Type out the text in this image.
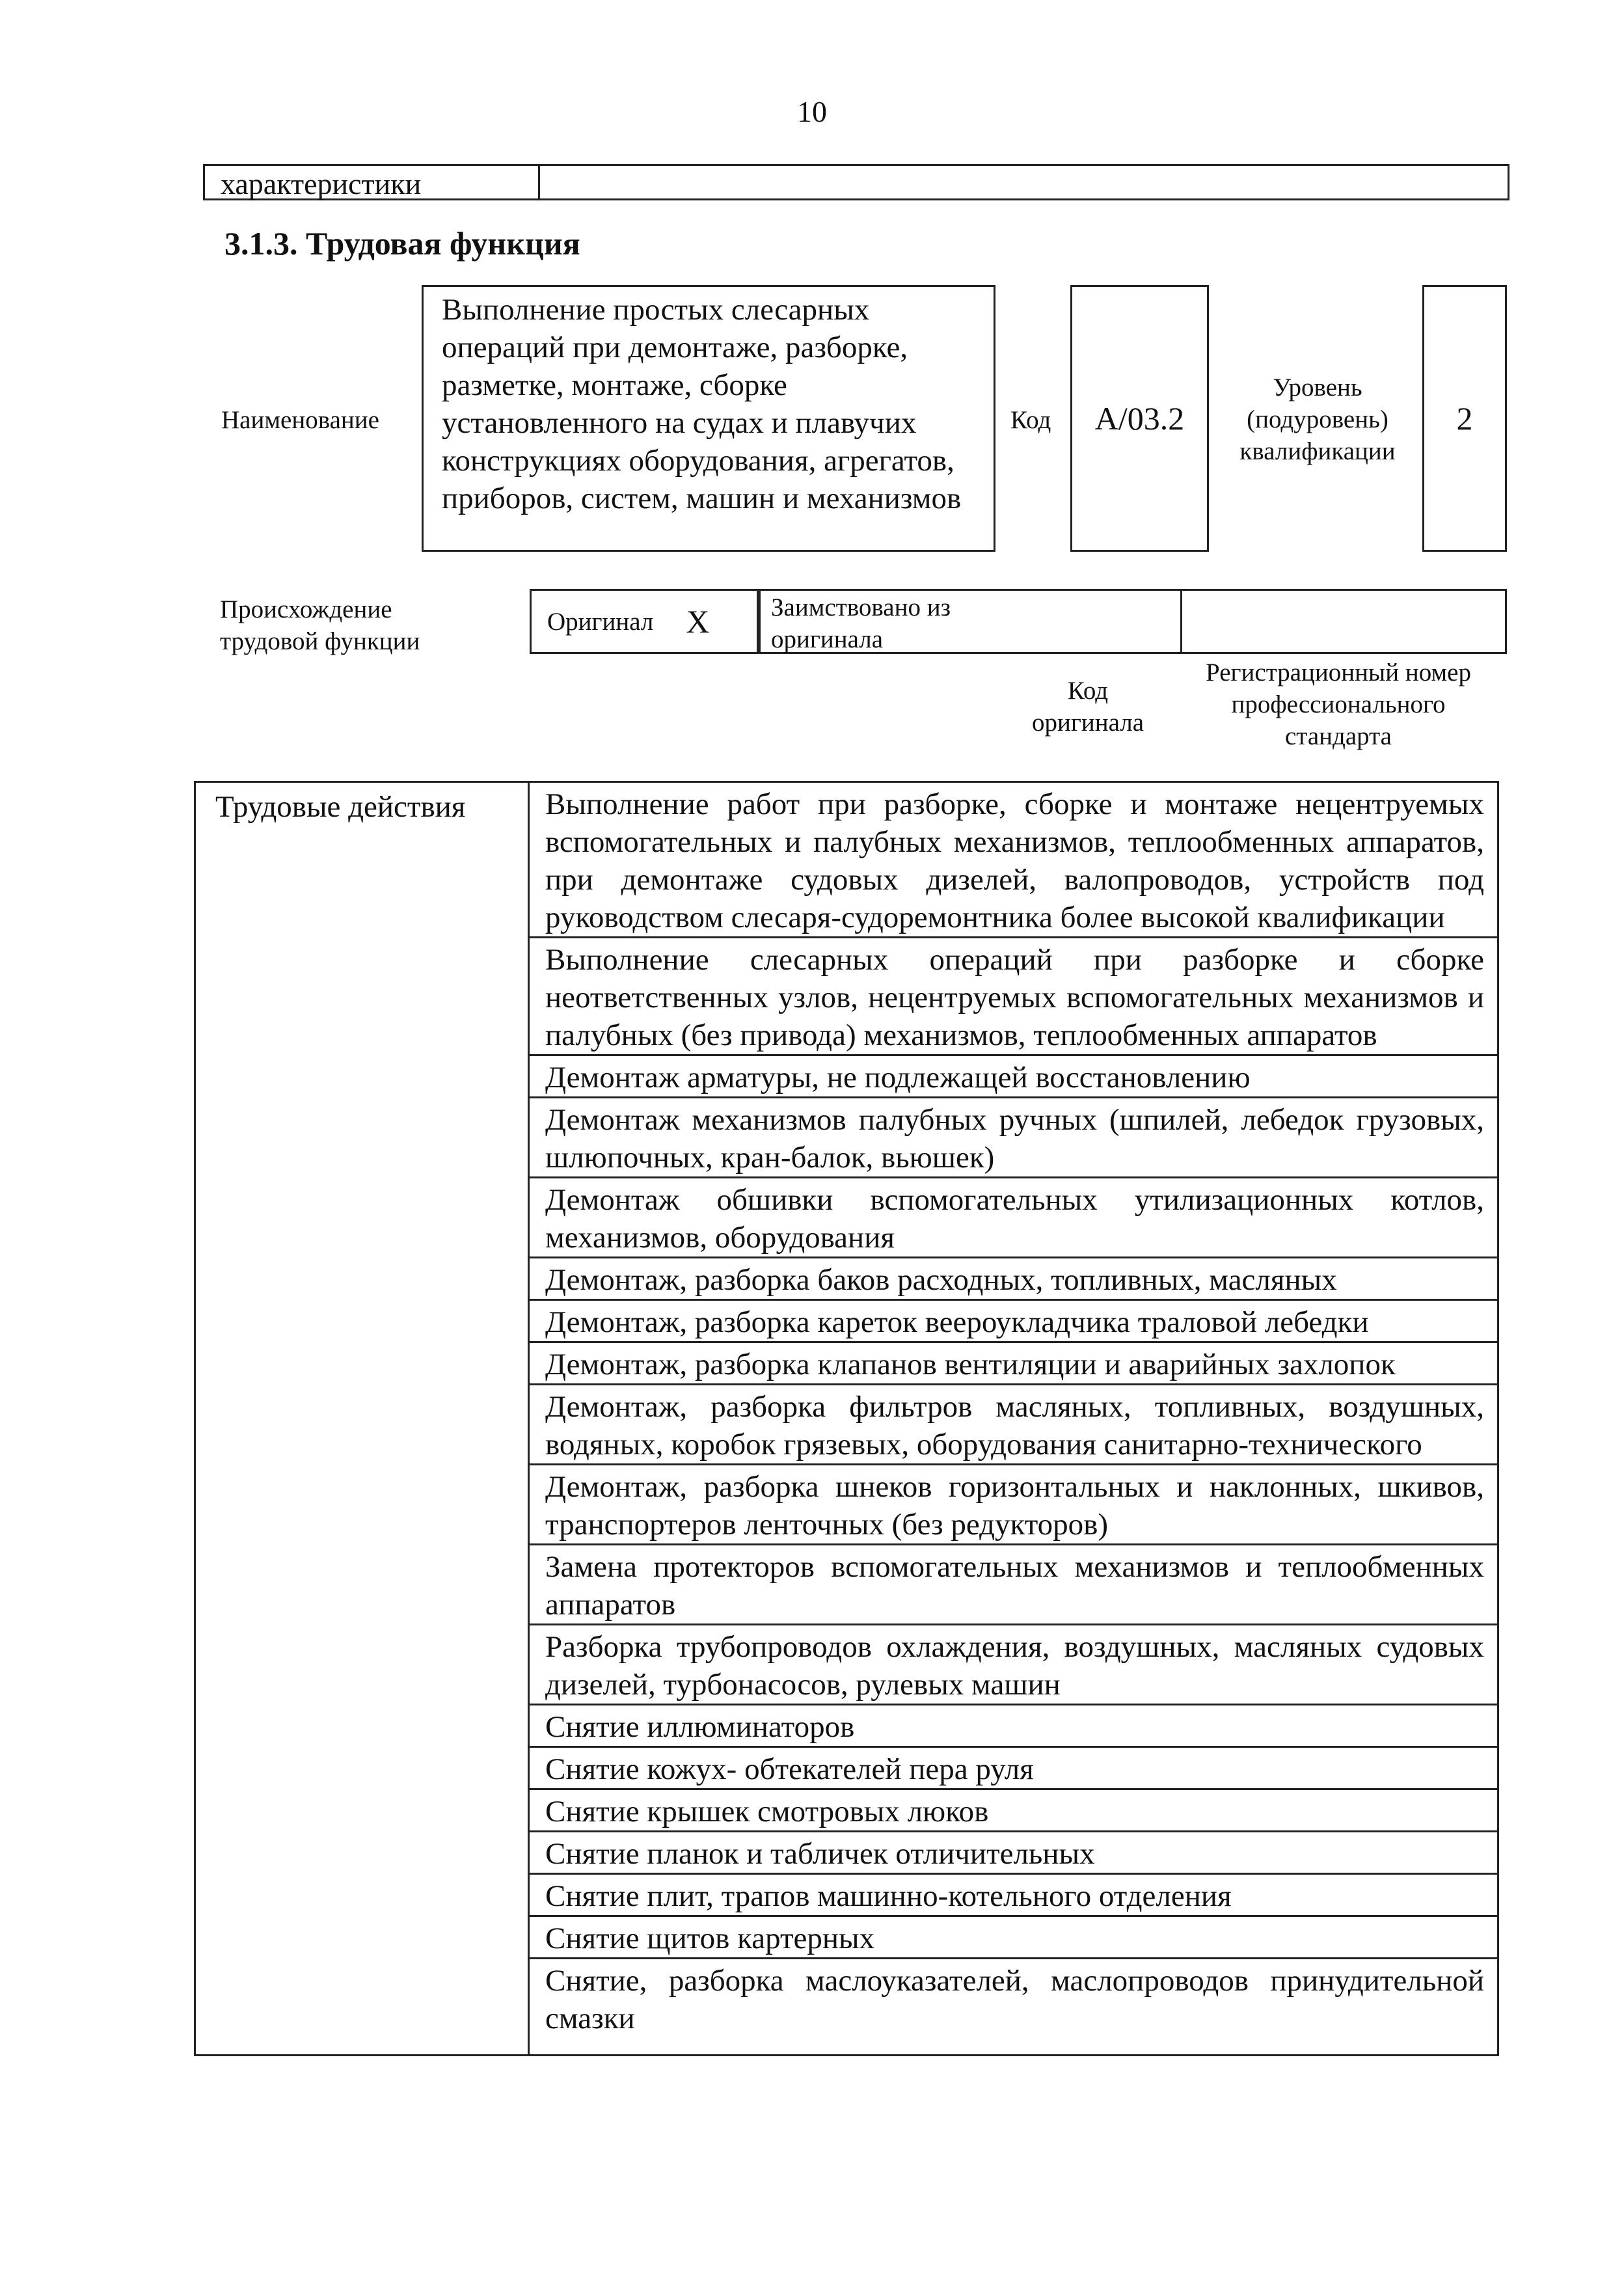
10
характеристики
3.1.3. Трудовая функция
Наименование
Выполнение простых слесарных операций при демонтаже, разборке, разметке, монтаже, сборке установленного на судах и плавучих конструкциях оборудования, агрегатов, приборов, систем, машин и механизмов
Код	A/03.2
Уровень (подуровень) квалификации
2
Происхождение трудовой функции
Оригинал X Заимствовано из оригинала
Код оригинала
Регистрационный номер профессионального стандарта
Трудовые действия	Выполнение работ при разборке, сборке и монтаже нецентруемых вспомогательных и палубных механизмов, теплообменных аппаратов, при демонтаже судовых дизелей, валопроводов, устройств под руководством слесаря-судоремонтника более высокой квалификации
Выполнение слесарных операций при разборке и сборке неответственных узлов, нецентруемых вспомогательных механизмов и палубных (без привода) механизмов, теплообменных аппаратов
Демонтаж арматуры, не подлежащей восстановлению
Демонтаж механизмов палубных ручных (шпилей, лебедок грузовых, шлюпочных, кран-балок, вьюшек)
Демонтаж обшивки вспомогательных утилизационных котлов, механизмов, оборудования
Демонтаж, разборка баков расходных, топливных, масляных
Демонтаж, разборка кареток веероукладчика траловой лебедки
Демонтаж, разборка клапанов вентиляции и аварийных захлопок
Демонтаж, разборка фильтров масляных, топливных, воздушных, водяных, коробок грязевых, оборудования санитарно-технического
Демонтаж, разборка шнеков горизонтальных и наклонных, шкивов, транспортеров ленточных (без редукторов)
Замена протекторов вспомогательных механизмов и теплообменных аппаратов
Разборка трубопроводов охлаждения, воздушных, масляных судовых дизелей, турбонасосов, рулевых машин
Снятие иллюминаторов
Снятие кожух- обтекателей пера руля
Снятие крышек смотровых люков
Снятие планок и табличек отличительных
Снятие плит, трапов машинно-котельного отделения
Снятие щитов картерных
Снятие, разборка маслоуказателей, маслопроводов принудительной смазки
